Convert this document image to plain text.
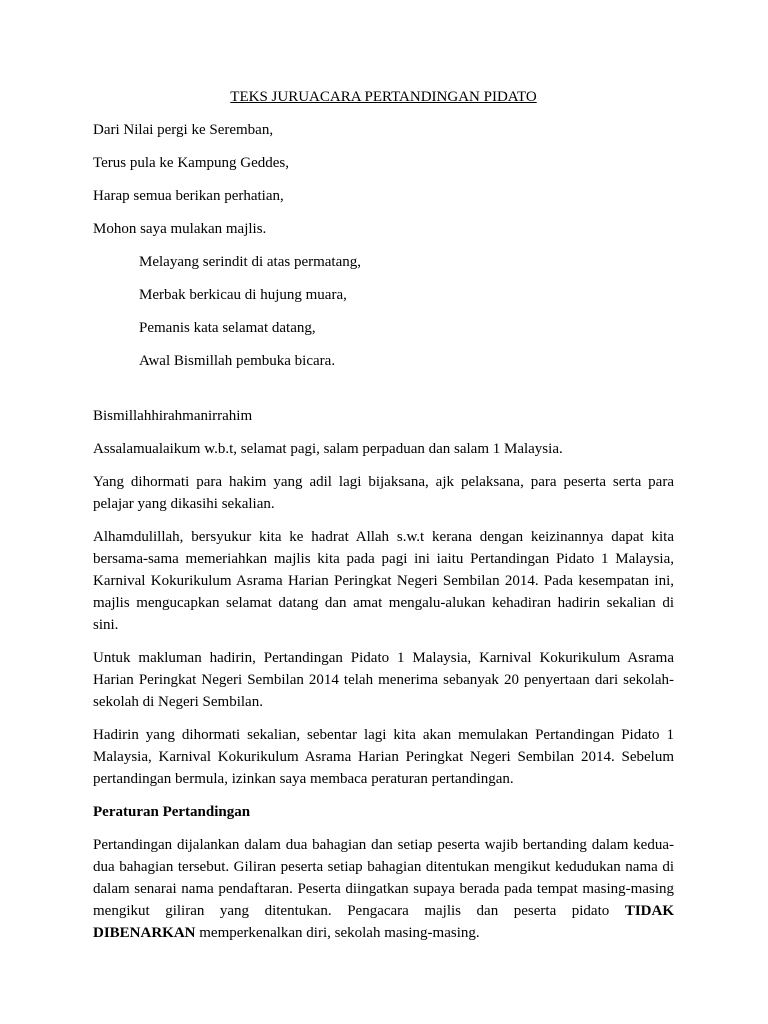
TEKS JURUACARA PERTANDINGAN PIDATO

Dari Nilai pergi ke Seremban,

Terus pula ke Kampung Geddes,

Harap semua berikan perhatian,

Mohon saya mulakan majlis.

Melayang serindit di atas permatang,

Merbak berkicau di hujung muara,

Pemanis kata selamat datang,

Awal Bismillah pembuka bicara.

Bismillahhirahmanirrahim

Assalamualaikum w.b.t, selamat pagi, salam perpaduan dan salam 1 Malaysia.

Yang dihormati para hakim yang adil lagi bijaksana, ajk pelaksana, para peserta serta para pelajar yang dikasihi sekalian.

Alhamdulillah, bersyukur kita ke hadrat Allah s.w.t kerana dengan keizinannya dapat kita bersama-sama memeriahkan majlis kita pada pagi ini iaitu Pertandingan Pidato 1 Malaysia, Karnival Kokurikulum Asrama Harian Peringkat Negeri Sembilan 2014. Pada kesempatan ini, majlis mengucapkan selamat datang dan amat mengalu-alukan kehadiran hadirin sekalian di sini.

Untuk makluman hadirin, Pertandingan Pidato 1 Malaysia, Karnival Kokurikulum Asrama Harian Peringkat Negeri Sembilan 2014 telah menerima sebanyak 20 penyertaan dari sekolah-sekolah di Negeri Sembilan.

Hadirin yang dihormati sekalian, sebentar lagi kita akan memulakan Pertandingan Pidato 1 Malaysia, Karnival Kokurikulum Asrama Harian Peringkat Negeri Sembilan 2014. Sebelum pertandingan bermula, izinkan saya membaca peraturan pertandingan.

Peraturan Pertandingan

Pertandingan dijalankan dalam dua bahagian dan setiap peserta wajib bertanding dalam kedua-dua bahagian tersebut. Giliran peserta setiap bahagian ditentukan mengikut kedudukan nama di dalam senarai nama pendaftaran. Peserta diingatkan supaya berada pada tempat masing-masing mengikut giliran yang ditentukan. Pengacara majlis dan peserta pidato TIDAK DIBENARKAN memperkenalkan diri, sekolah masing-masing.
